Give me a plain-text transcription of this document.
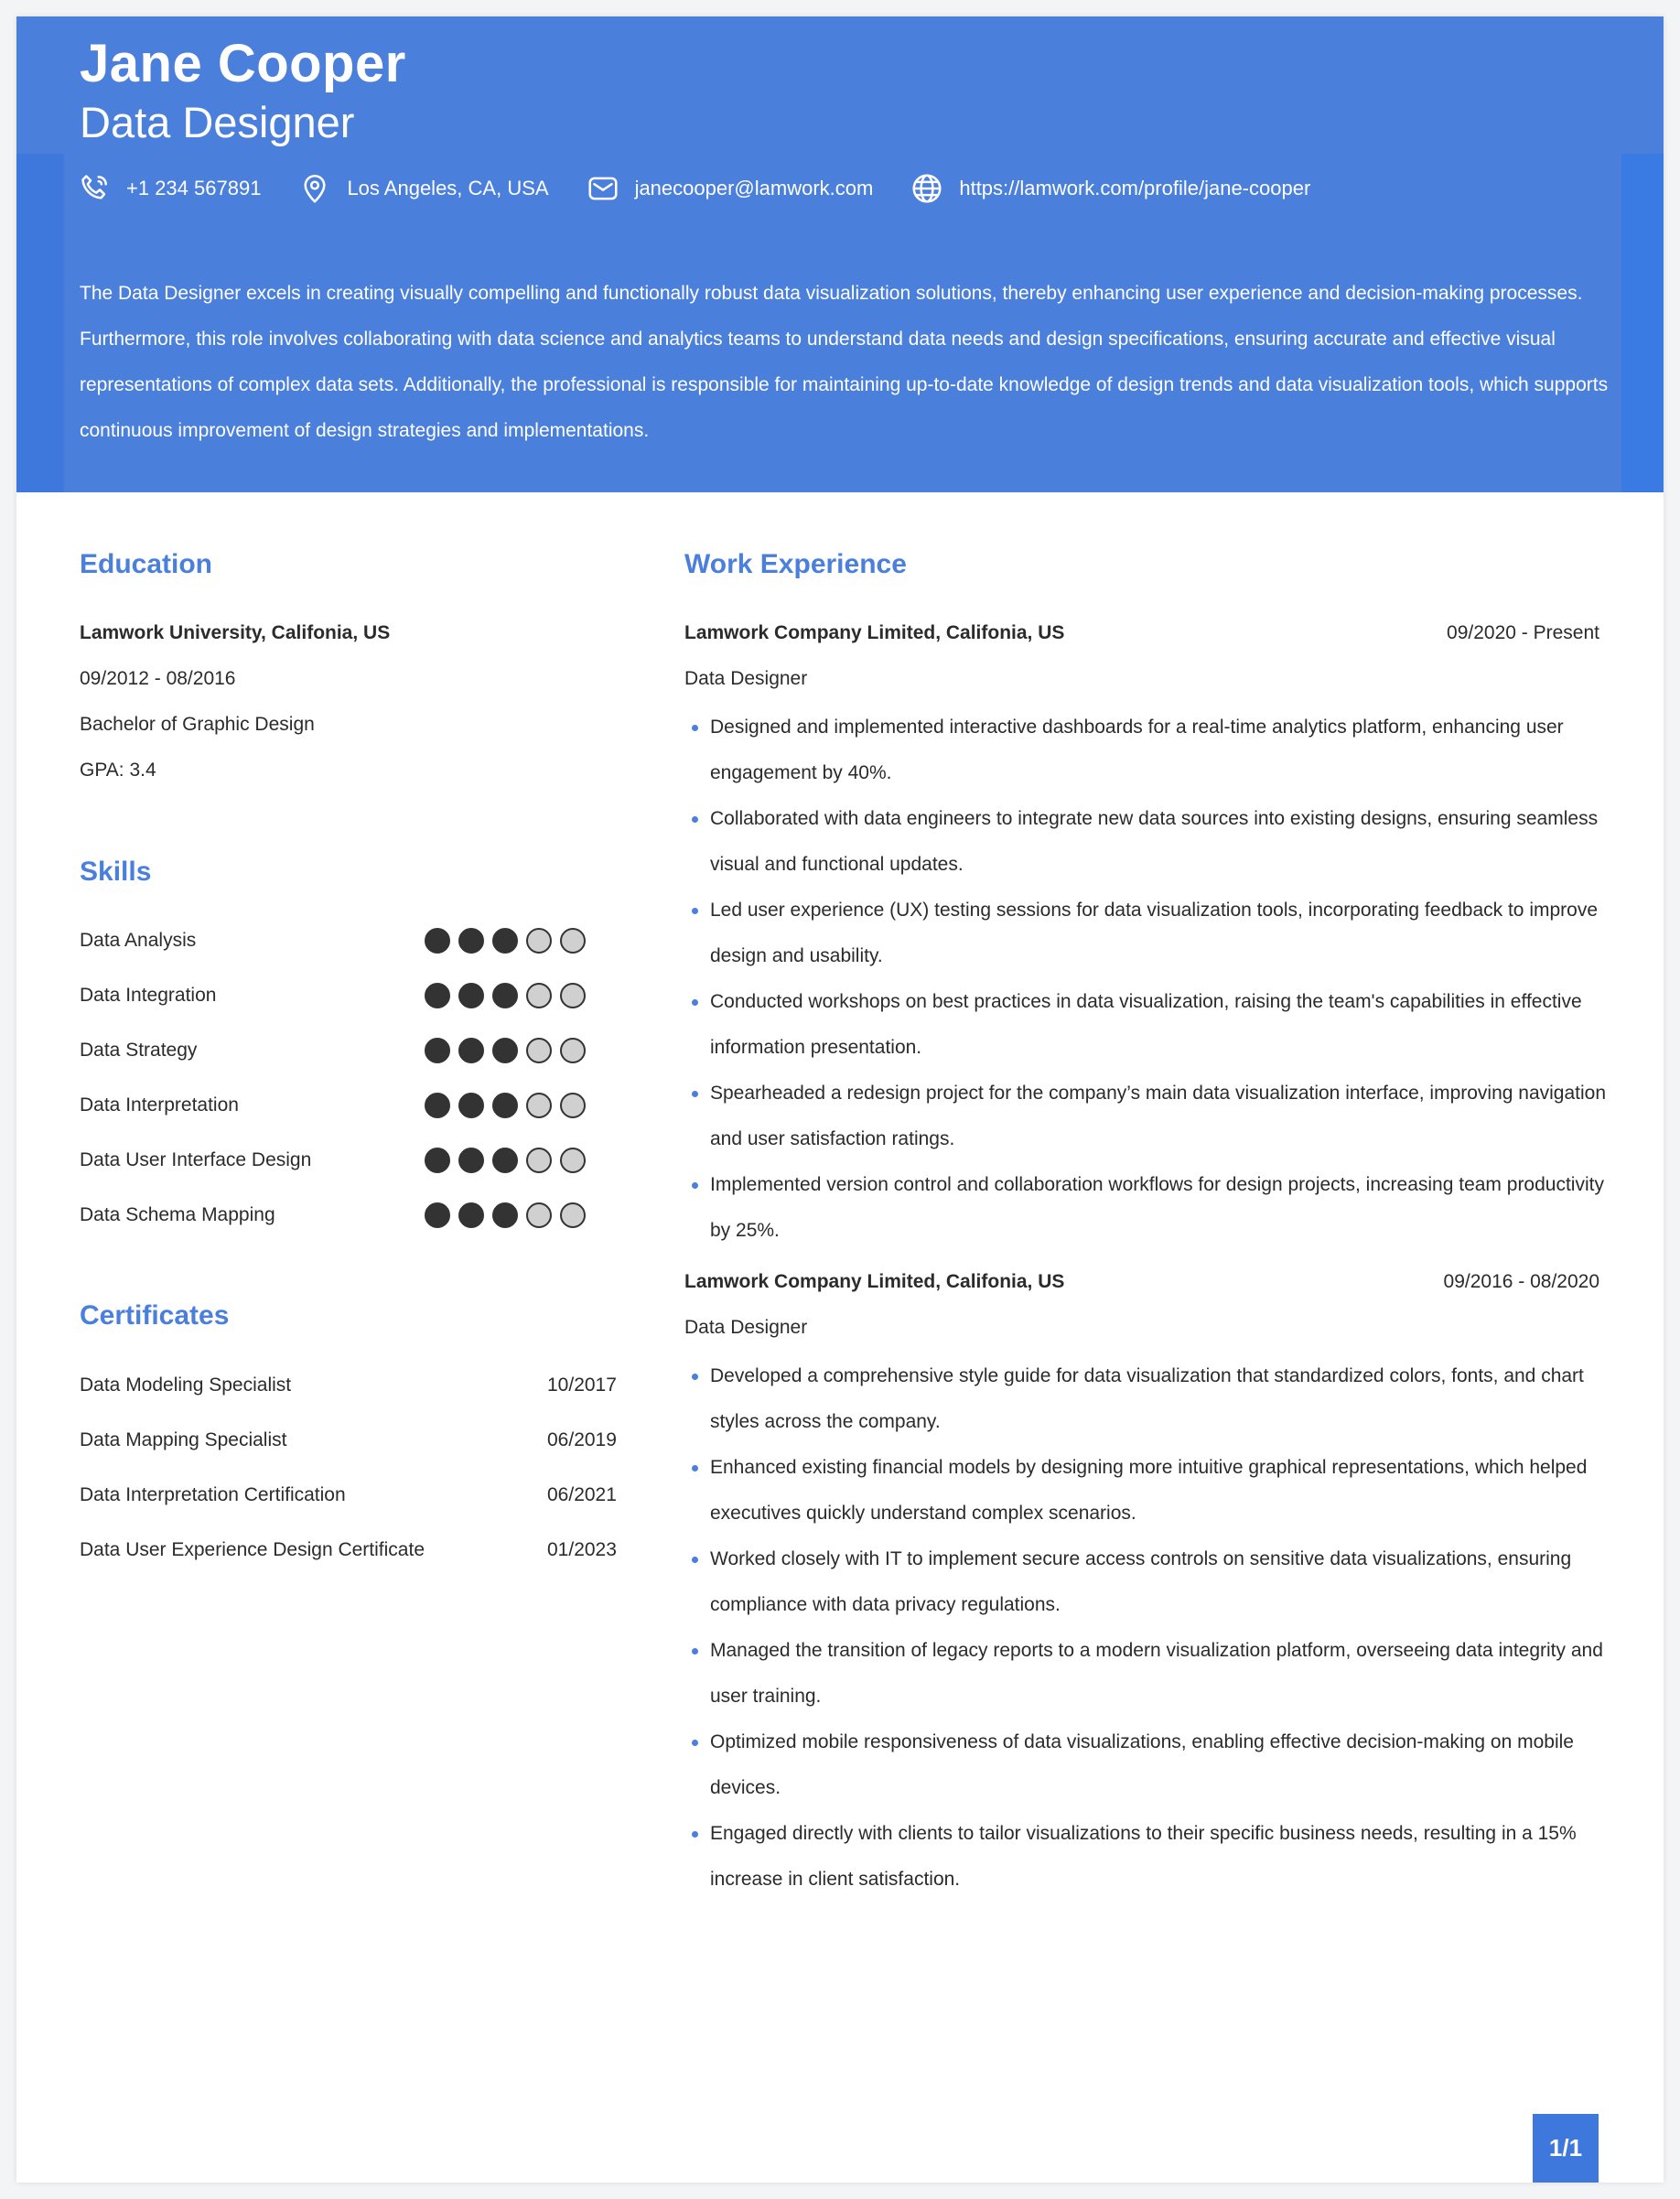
Jane Cooper
Data Designer
+1 234 567891	Los Angeles, CA, USA	janecooper@lamwork.com	https://lamwork.com/profile/jane-cooper
The Data Designer excels in creating visually compelling and functionally robust data visualization solutions, thereby enhancing user experience and decision-making processes. Furthermore, this role involves collaborating with data science and analytics teams to understand data needs and design specifications, ensuring accurate and effective visual representations of complex data sets. Additionally, the professional is responsible for maintaining up-to-date knowledge of design trends and data visualization tools, which supports continuous improvement of design strategies and implementations.
Education
Lamwork University, Califonia, US
09/2012 - 08/2016
Bachelor of Graphic Design
GPA: 3.4
Skills
Data Analysis
Data Integration
Data Strategy
Data Interpretation
Data User Interface Design
Data Schema Mapping
Certificates
Data Modeling Specialist	10/2017
Data Mapping Specialist	06/2019
Data Interpretation Certification	06/2021
Data User Experience Design Certificate	01/2023
Work Experience
Lamwork Company Limited, Califonia, US	09/2020 - Present
Data Designer
Designed and implemented interactive dashboards for a real-time analytics platform, enhancing user engagement by 40%.
Collaborated with data engineers to integrate new data sources into existing designs, ensuring seamless visual and functional updates.
Led user experience (UX) testing sessions for data visualization tools, incorporating feedback to improve design and usability.
Conducted workshops on best practices in data visualization, raising the team's capabilities in effective information presentation.
Spearheaded a redesign project for the company’s main data visualization interface, improving navigation and user satisfaction ratings.
Implemented version control and collaboration workflows for design projects, increasing team productivity by 25%.
Lamwork Company Limited, Califonia, US	09/2016 - 08/2020
Data Designer
Developed a comprehensive style guide for data visualization that standardized colors, fonts, and chart styles across the company.
Enhanced existing financial models by designing more intuitive graphical representations, which helped executives quickly understand complex scenarios.
Worked closely with IT to implement secure access controls on sensitive data visualizations, ensuring compliance with data privacy regulations.
Managed the transition of legacy reports to a modern visualization platform, overseeing data integrity and user training.
Optimized mobile responsiveness of data visualizations, enabling effective decision-making on mobile devices.
Engaged directly with clients to tailor visualizations to their specific business needs, resulting in a 15% increase in client satisfaction.
1/1
